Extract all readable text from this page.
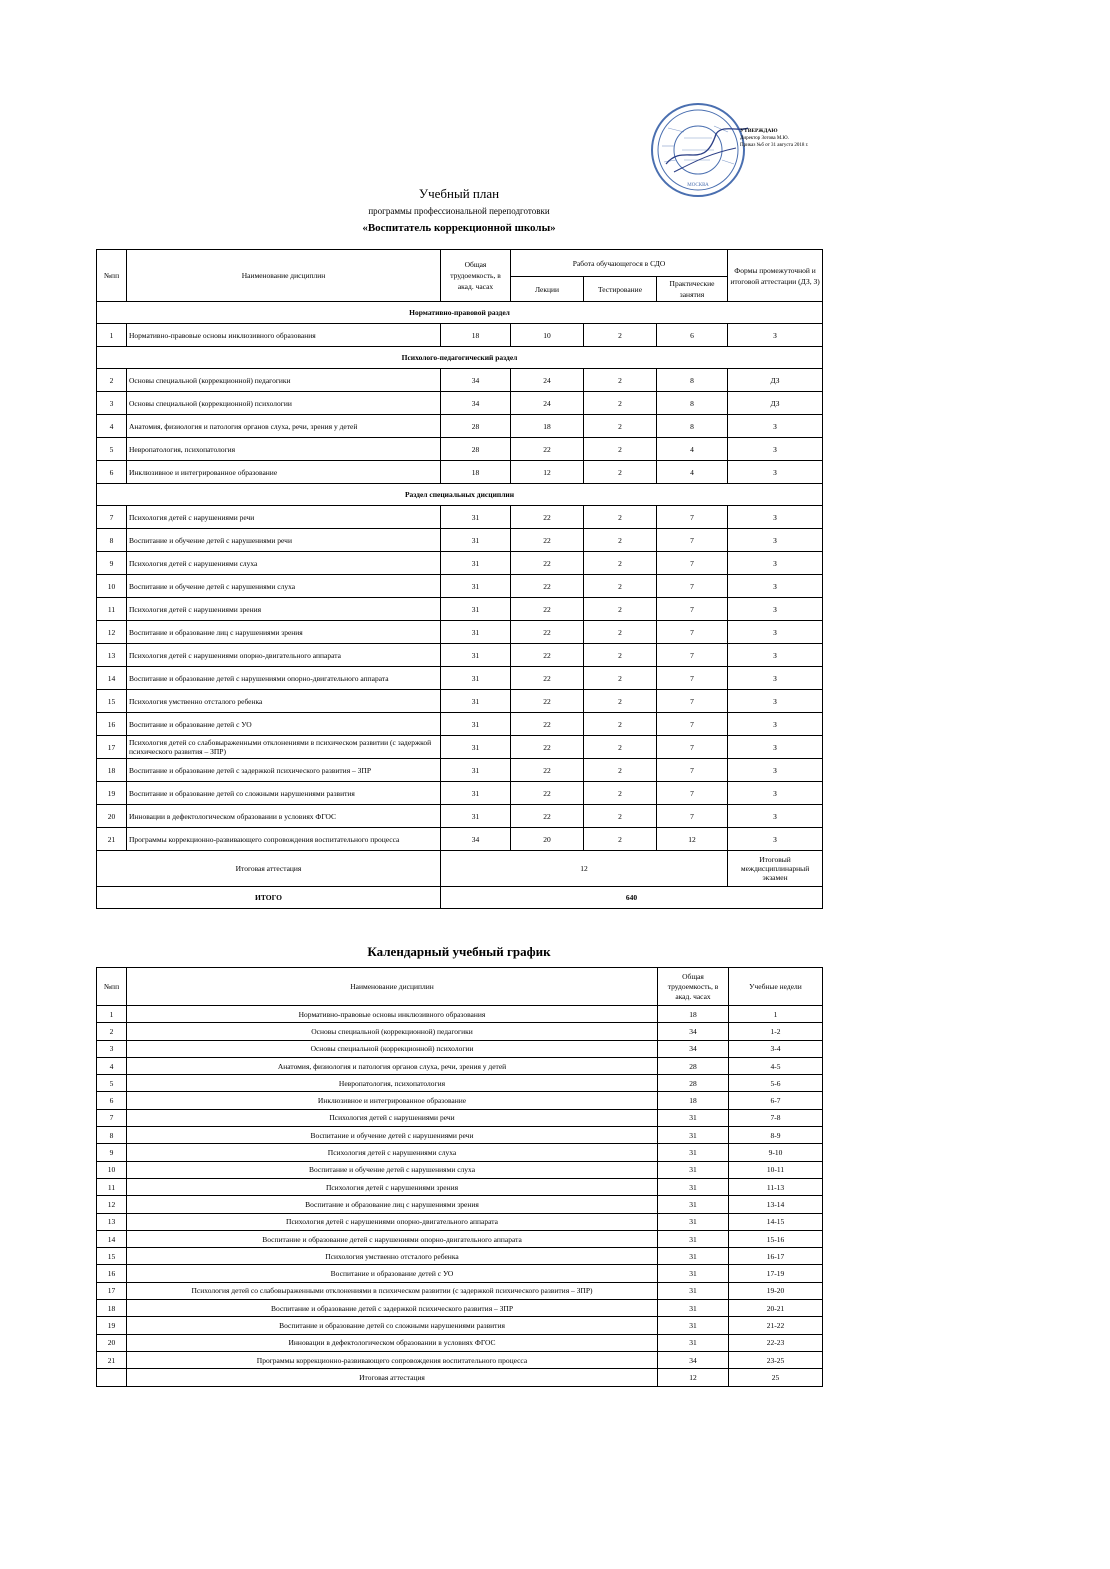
МОСКВА
УТВЕРЖДАЮ
Директор Зотова М.Ю.
Приказ №б от 31 августа 2018 г.
Учебный план
программы профессиональной переподготовки
«Воспитатель коррекционной школы»
№пп	Наименование дисциплин	Общая трудоемкость, в акад. часах	Работа обучающегося в СДО			Формы промежуточной и итоговой аттестации (ДЗ, З)
			Лекции	Тестирование	Практические занятия	
Нормативно-правовой раздел						
1	Нормативно-правовые основы инклюзивного образования	18	10	2	6	З
Психолого-педагогический раздел						
2	Основы специальной (коррекционной) педагогики	34	24	2	8	ДЗ
3	Основы специальной (коррекционной) психологии	34	24	2	8	ДЗ
4	Анатомия, физиология и патология органов слуха, речи, зрения у детей	28	18	2	8	З
5	Невропатология, психопатология	28	22	2	4	З
6	Инклюзивное и интегрированное образование	18	12	2	4	З
Раздел специальных дисциплин						
7	Психология детей с нарушениями речи	31	22	2	7	З
8	Воспитание и обучение детей с нарушениями речи	31	22	2	7	З
9	Психология детей с нарушениями слуха	31	22	2	7	З
10	Воспитание и обучение детей с нарушениями слуха	31	22	2	7	З
11	Психология детей с нарушениями зрения	31	22	2	7	З
12	Воспитание и образование лиц с нарушениями зрения	31	22	2	7	З
13	Психология детей с нарушениями опорно-двигательного аппарата	31	22	2	7	З
14	Воспитание и образование детей с нарушениями опорно-двигательного аппарата	31	22	2	7	З
15	Психология умственно отсталого ребенка	31	22	2	7	З
16	Воспитание и образование детей с УО	31	22	2	7	З
17	Психология детей со слабовыраженными отклонениями в психическом развитии (с задержкой психического развития – ЗПР)	31	22	2	7	З
18	Воспитание и образование детей с задержкой психического развития – ЗПР	31	22	2	7	З
19	Воспитание и образование детей со сложными нарушениями развития	31	22	2	7	З
20	Инновации в дефектологическом образовании в условиях ФГОС	31	22	2	7	З
21	Программы коррекционно-развивающего сопровождения воспитательного процесса	34	20	2	12	З
Итоговая аттестация		12				Итоговый междисциплинарный экзамен
ИТОГО		640				
Календарный учебный график
№пп	Наименование дисциплин	Общая трудоемкость, в акад. часах	Учебные недели
1	Нормативно-правовые основы инклюзивного образования	18	1
2	Основы специальной (коррекционной) педагогики	34	1-2
3	Основы специальной (коррекционной) психологии	34	3-4
4	Анатомия, физиология и патология органов слуха, речи, зрения у детей	28	4-5
5	Невропатология, психопатология	28	5-6
6	Инклюзивное и интегрированное образование	18	6-7
7	Психология детей с нарушениями речи	31	7-8
8	Воспитание и обучение детей с нарушениями речи	31	8-9
9	Психология детей с нарушениями слуха	31	9-10
10	Воспитание и обучение детей с нарушениями слуха	31	10-11
11	Психология детей с нарушениями зрения	31	11-13
12	Воспитание и образование лиц с нарушениями зрения	31	13-14
13	Психология детей с нарушениями опорно-двигательного аппарата	31	14-15
14	Воспитание и образование детей с нарушениями опорно-двигательного аппарата	31	15-16
15	Психология умственно отсталого ребенка	31	16-17
16	Воспитание и образование детей с УО	31	17-19
17	Психология детей со слабовыраженными отклонениями в психическом развитии (с задержкой психического развития – ЗПР)	31	19-20
18	Воспитание и образование детей с задержкой психического развития – ЗПР	31	20-21
19	Воспитание и образование детей со сложными нарушениями развития	31	21-22
20	Инновации в дефектологическом образовании в условиях ФГОС	31	22-23
21	Программы коррекционно-развивающего сопровождения воспитательного процесса	34	23-25
	Итоговая аттестация	12	25
